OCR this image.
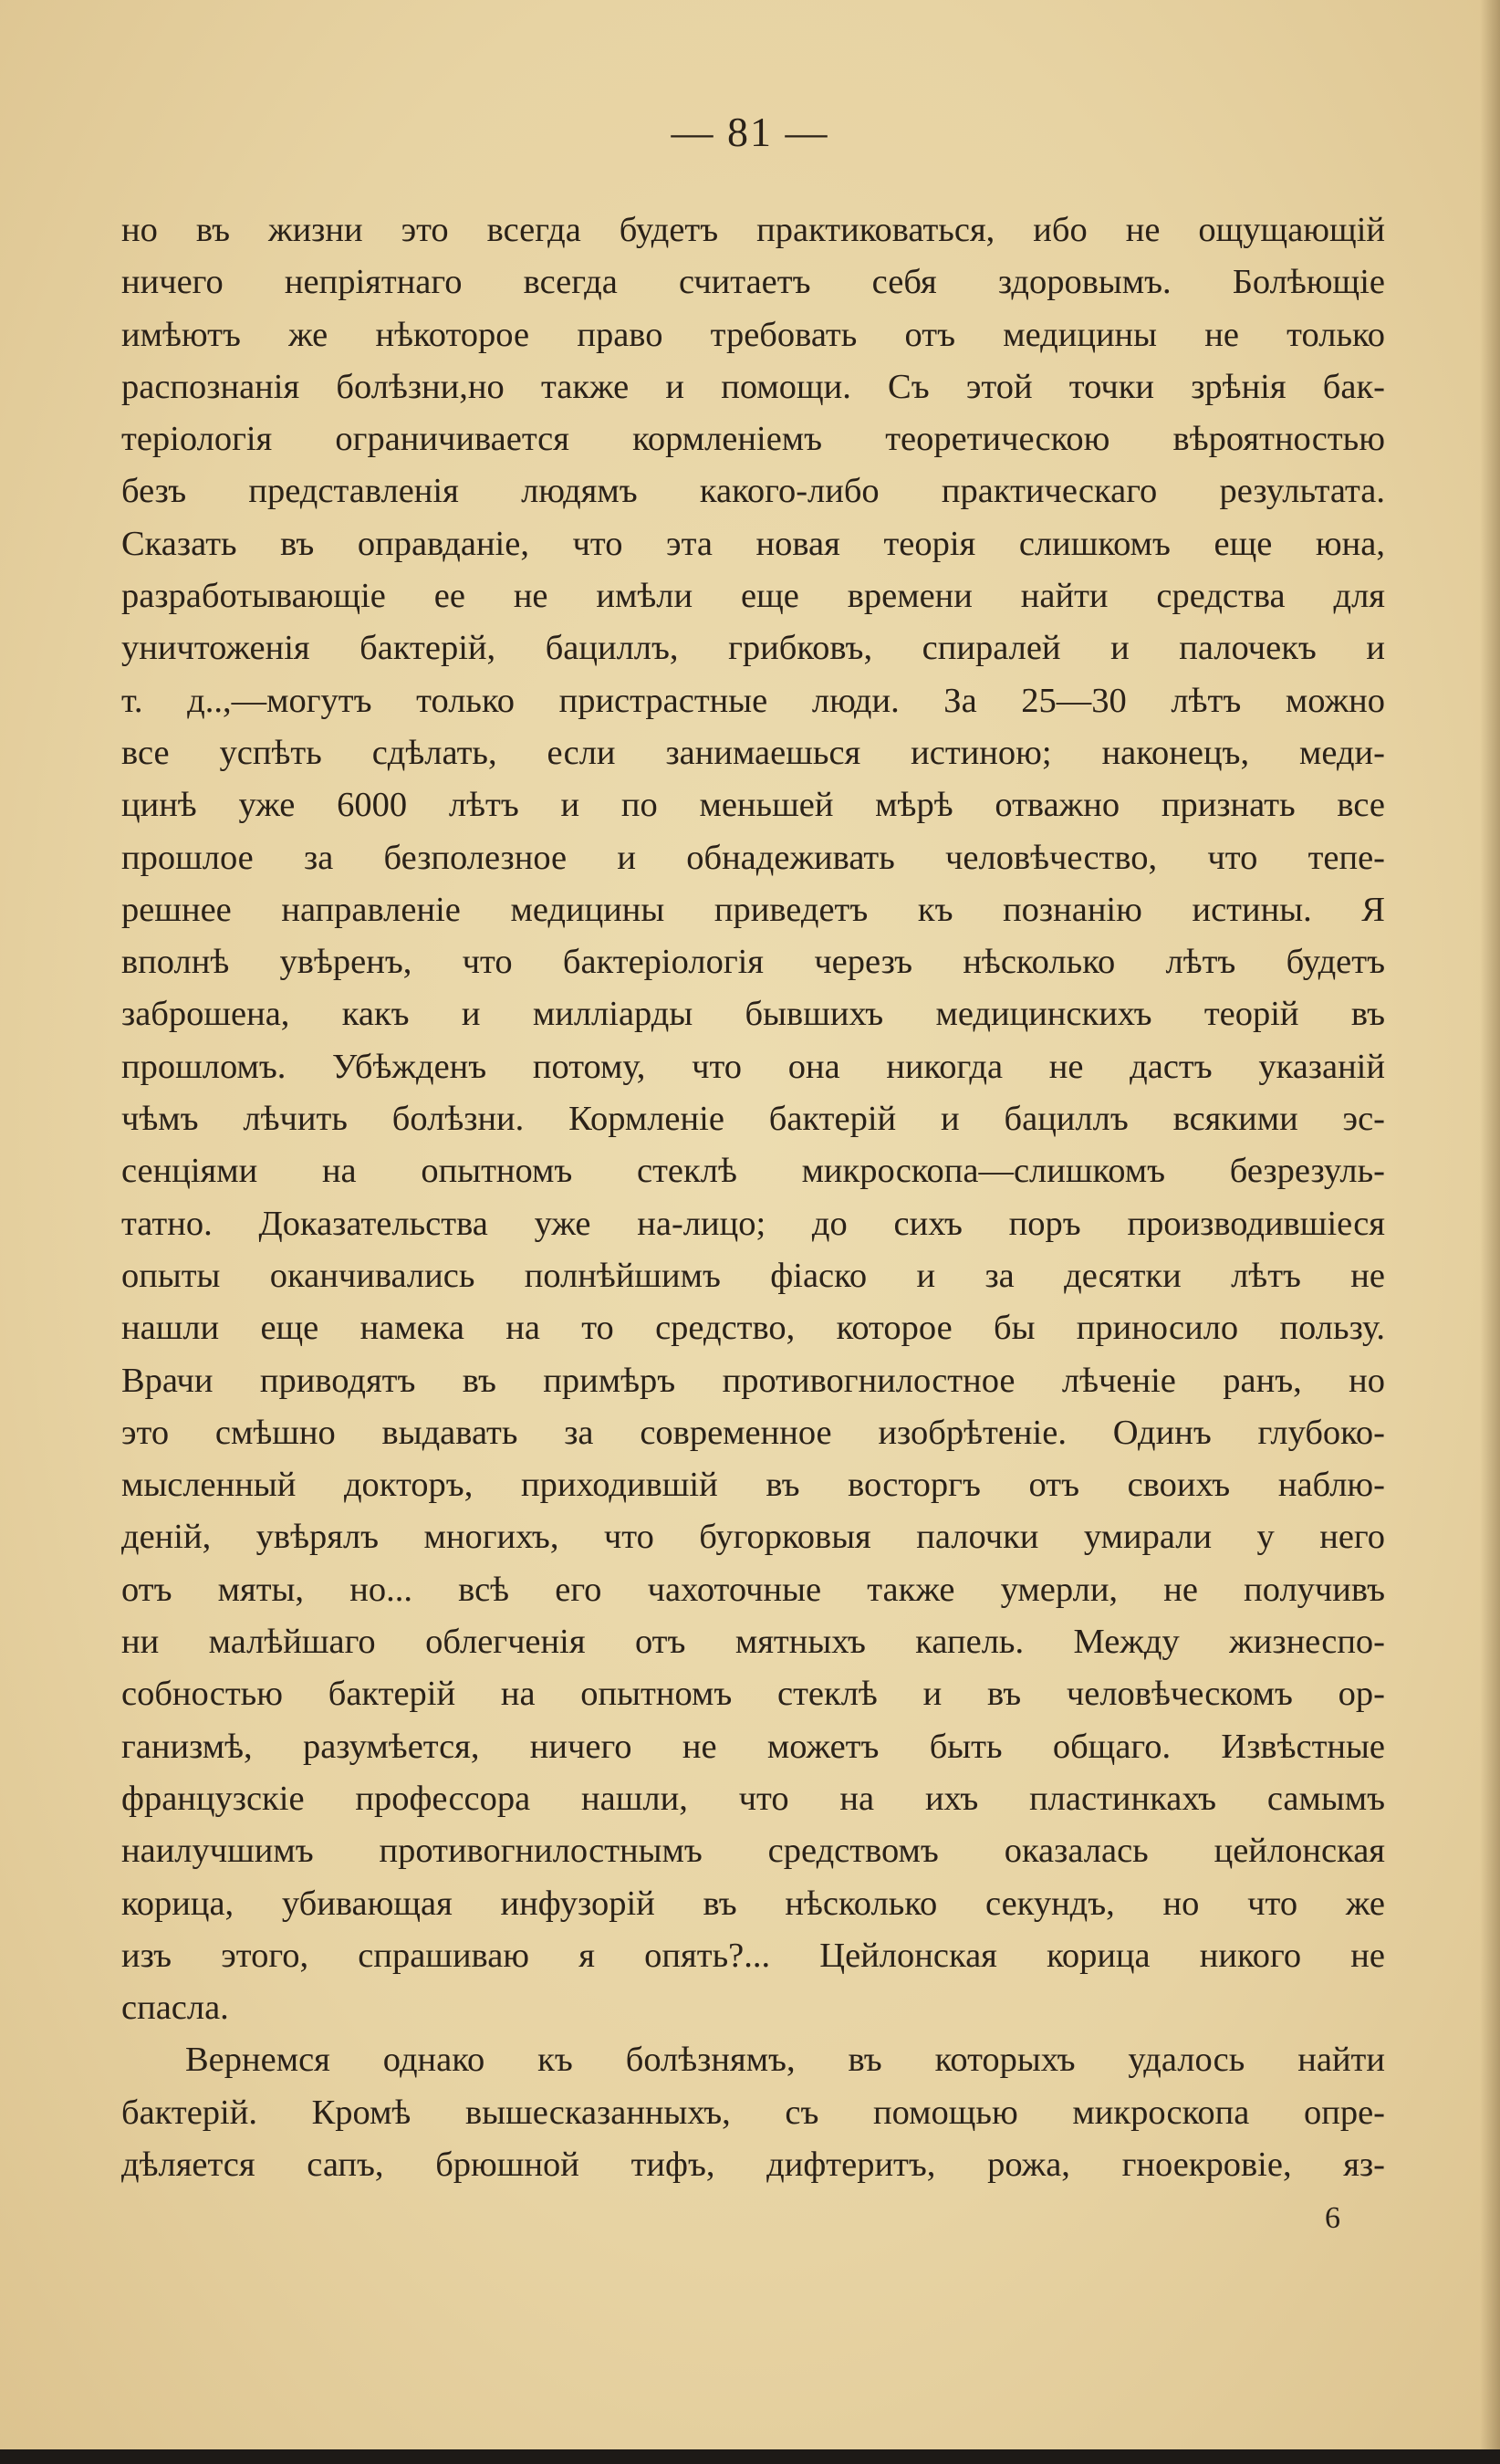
— 81 —
но въ жизни это всегда будетъ практиковаться, ибо не ощущающій
ничего непріятнаго всегда считаетъ себя здоровымъ. Болѣющіе
имѣютъ же нѣкоторое право требовать отъ медицины не только
распознанія болѣзни,но также и помощи. Съ этой точки зрѣнія бак-
теріологія ограничивается кормленіемъ теоретическою вѣроятностью
безъ представленія людямъ какого-либо практическаго результата.
Сказать въ оправданіе, что эта новая теорія слишкомъ еще юна,
разработывающіе ее не имѣли еще времени найти средства для
уничтоженія бактерій, бациллъ, грибковъ, спиралей и палочекъ и
т. д..,—могутъ только пристрастные люди. За 25—30 лѣтъ можно
все успѣть сдѣлать, если занимаешься истиною; наконецъ, меди-
цинѣ уже 6000 лѣтъ и по меньшей мѣрѣ отважно признать все
прошлое за безполезное и обнадеживать человѣчество, что тепе-
решнее направленіе медицины приведетъ къ познанію истины. Я
вполнѣ увѣренъ, что бактеріологія черезъ нѣсколько лѣтъ будетъ
заброшена, какъ и милліарды бывшихъ медицинскихъ теорій въ
прошломъ. Убѣжденъ потому, что она никогда не дастъ указаній
чѣмъ лѣчить болѣзни. Кормленіе бактерій и бациллъ всякими эс-
сенціями на опытномъ стеклѣ микроскопа—слишкомъ безрезуль-
татно. Доказательства уже на-лицо; до сихъ поръ производившіеся
опыты оканчивались полнѣйшимъ фіаско и за десятки лѣтъ не
нашли еще намека на то средство, которое бы приносило пользу.
Врачи приводятъ въ примѣръ противогнилостное лѣченіе ранъ, но
это смѣшно выдавать за современное изобрѣтеніе. Одинъ глубоко-
мысленный докторъ, приходившій въ восторгъ отъ своихъ наблю-
деній, увѣрялъ многихъ, что бугорковыя палочки умирали у него
отъ мяты, но... всѣ его чахоточные также умерли, не получивъ
ни малѣйшаго облегченія отъ мятныхъ капель. Между жизнеспо-
собностью бактерій на опытномъ стеклѣ и въ человѣческомъ ор-
ганизмѣ, разумѣется, ничего не можетъ быть общаго. Извѣстные
французскіе профессора нашли, что на ихъ пластинкахъ самымъ
наилучшимъ противогнилостнымъ средствомъ оказалась цейлонская
корица, убивающая инфузорій въ нѣсколько секундъ, но что же
изъ этого, спрашиваю я опять?... Цейлонская корица никого не
спасла.
Вернемся однако къ болѣзнямъ, въ которыхъ удалось найти
бактерій. Кромѣ вышесказанныхъ, съ помощью микроскопа опре-
дѣляется сапъ, брюшной тифъ, дифтеритъ, рожа, гноекровіе, яз-
6
